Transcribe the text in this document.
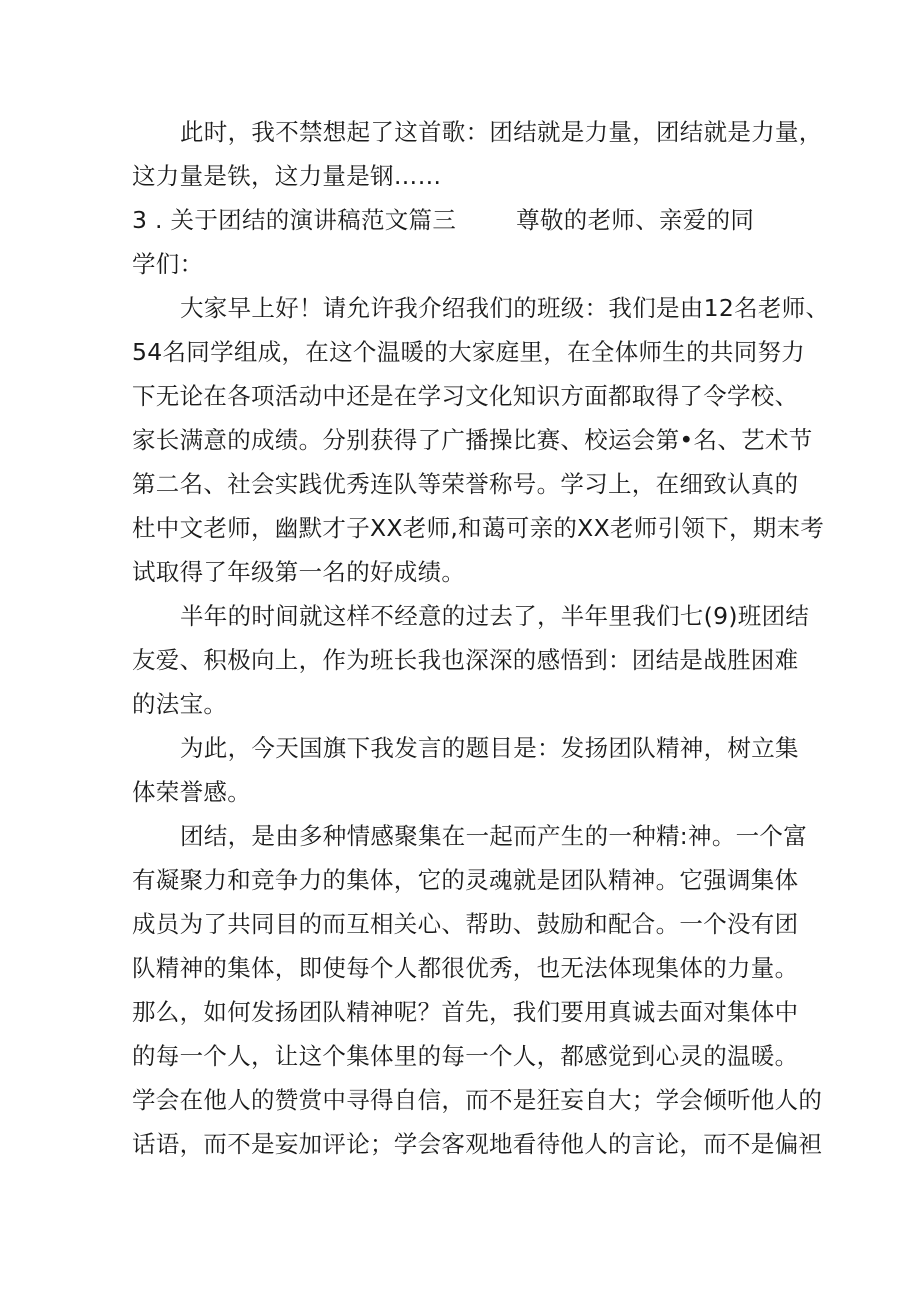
此时，我不禁想起了这首歌：团结就是力量，团结就是力量，
这力量是铁，这力量是钢……
3 . 关于团结的演讲稿范文篇三	尊敬的老师、亲爱的同
学们：
大家早上好！请允许我介绍我们的班级：我们是由12名老师、
54名同学组成，在这个温暖的大家庭里，在全体师生的共同努力
下无论在各项活动中还是在学习文化知识方面都取得了令学校、
家长满意的成绩。分别获得了广播操比赛、校运会第•名、艺术节
第二名、社会实践优秀连队等荣誉称号。学习上，在细致认真的
杜中文老师，幽默才子XX老师,和蔼可亲的XX老师引领下，期末考
试取得了年级第一名的好成绩。
半年的时间就这样不经意的过去了，半年里我们七(9)班团结
友爱、积极向上，作为班长我也深深的感悟到：团结是战胜困难
的法宝。
为此，今天国旗下我发言的题目是：发扬团队精神，树立集
体荣誉感。
团结，是由多种情感聚集在一起而产生的一种精:神。一个富
有凝聚力和竞争力的集体，它的灵魂就是团队精神。它强调集体
成员为了共同目的而互相关心、帮助、鼓励和配合。一个没有团
队精神的集体，即使每个人都很优秀，也无法体现集体的力量。
那么，如何发扬团队精神呢？首先，我们要用真诚去面对集体中
的每一个人，让这个集体里的每一个人，都感觉到心灵的温暖。
学会在他人的赞赏中寻得自信，而不是狂妄自大；学会倾听他人的
话语，而不是妄加评论；学会客观地看待他人的言论，而不是偏袒
